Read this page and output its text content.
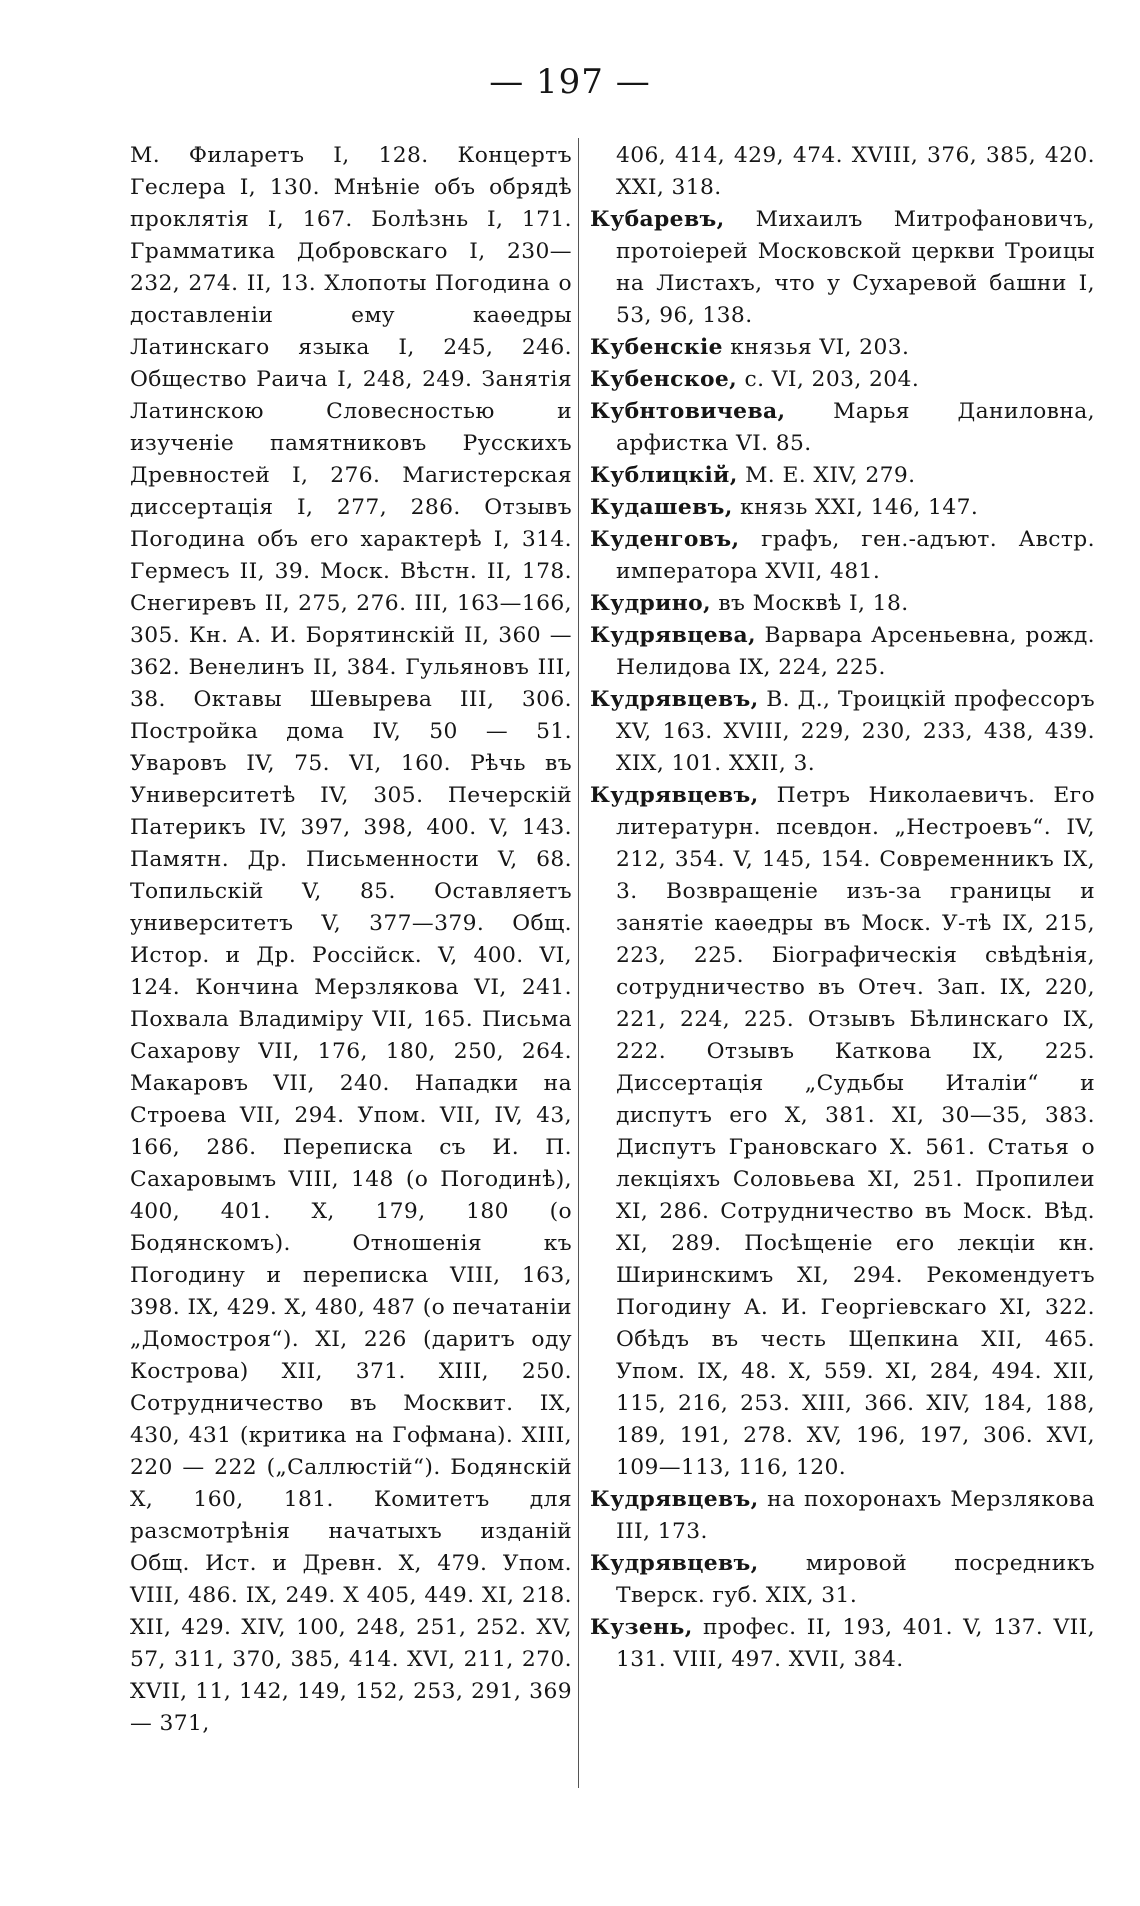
— 197 —

М. Филаретъ I, 128. Концертъ Геслера I, 130. Мнѣніе объ обрядѣ проклятія I, 167. Болѣзнь I, 171. Грамматика Добровскаго I, 230—232, 274. II, 13. Хлопоты Погодина о доставленіи ему каѳедры Латинскаго языка I, 245, 246. Общество Раича I, 248, 249. Занятія Латинскою Словесностью и изученіе памятниковъ Русскихъ Древностей I, 276. Магистерская диссертація I, 277, 286. Отзывъ Погодина объ его характерѣ I, 314. Гермесъ II, 39. Моск. Вѣстн. II, 178. Снегиревъ II, 275, 276. III, 163—166, 305. Кн. А. И. Борятинскій II, 360 — 362. Венелинъ II, 384. Гульяновъ III, 38. Октавы Шевырева III, 306. Постройка дома IV, 50 — 51. Уваровъ IV, 75. VI, 160. Рѣчь въ Университетѣ IV, 305. Печерскій Патерикъ IV, 397, 398, 400. V, 143. Памятн. Др. Письменности V, 68. Топильскій V, 85. Оставляетъ университетъ V, 377—379. Общ. Истор. и Др. Россійск. V, 400. VI, 124. Кончина Мерзлякова VI, 241. Похвала Владиміру VII, 165. Письма Сахарову VII, 176, 180, 250, 264. Макаровъ VII, 240. Нападки на Строева VII, 294. Упом. VII, IV, 43, 166, 286. Переписка съ И. П. Сахаровымъ VIII, 148 (о Погодинѣ), 400, 401. X, 179, 180 (о Бодянскомъ). Отношенія къ Погодину и переписка VIII, 163, 398. IX, 429. X, 480, 487 (о печатаніи „Домостроя“). XI, 226 (даритъ оду Кострова) XII, 371. XIII, 250. Сотрудничество въ Москвит. IX, 430, 431 (критика на Гофмана). XIII, 220 — 222 („Саллюстій“). Бодянскій X, 160, 181. Комитетъ для разсмотрѣнія начатыхъ изданій Общ. Ист. и Древн. X, 479. Упом. VIII, 486. IX, 249. X 405, 449. XI, 218. XII, 429. XIV, 100, 248, 251, 252. XV, 57, 311, 370, 385, 414. XVI, 211, 270. XVII, 11, 142, 149, 152, 253, 291, 369 — 371,

406, 414, 429, 474. XVIII, 376, 385, 420. XXI, 318.

Кубаревъ, Михаилъ Митрофановичъ, протоіерей Московской церкви Троицы на Листахъ, что у Сухаревой башни I, 53, 96, 138.

Кубенскіе князья VI, 203.

Кубенское, с. VI, 203, 204.

Кубнтовичева, Марья Даниловна, арфистка VI. 85.

Кублицкій, М. Е. XIV, 279.

Кудашевъ, князь XXI, 146, 147.

Куденговъ, графъ, ген.-адъют. Австр. императора XVII, 481.

Кудрино, въ Москвѣ I, 18.

Кудрявцева, Варвара Арсеньевна, рожд. Нелидова IX, 224, 225.

Кудрявцевъ, В. Д., Троицкій профессоръ XV, 163. XVIII, 229, 230, 233, 438, 439. XIX, 101. XXII, 3.

Кудрявцевъ, Петръ Николаевичъ. Его литературн. псевдон. „Нестроевъ“. IV, 212, 354. V, 145, 154. Современникъ IX, 3. Возвращеніе изъ-за границы и занятіе каѳедры въ Моск. У-тѣ IX, 215, 223, 225. Біографическія свѣдѣнія, сотрудничество въ Отеч. Зап. IX, 220, 221, 224, 225. Отзывъ Бѣлинскаго IX, 222. Отзывъ Каткова IX, 225. Диссертація „Судьбы Италіи“ и диспутъ его X, 381. XI, 30—35, 383. Диспутъ Грановскаго X. 561. Статья о лекціяхъ Соловьева XI, 251. Пропилеи XI, 286. Сотрудничество въ Моск. Вѣд. XI, 289. Посѣщеніе его лекціи кн. Ширинскимъ XI, 294. Рекомендуетъ Погодину А. И. Георгіевскаго XI, 322. Обѣдъ въ честь Щепкина XII, 465. Упом. IX, 48. X, 559. XI, 284, 494. XII, 115, 216, 253. XIII, 366. XIV, 184, 188, 189, 191, 278. XV, 196, 197, 306. XVI, 109—113, 116, 120.

Кудрявцевъ, на похоронахъ Мерзлякова III, 173.

Кудрявцевъ, мировой посредникъ Тверск. губ. XIX, 31.

Кузень, профес. II, 193, 401. V, 137. VII, 131. VIII, 497. XVII, 384.
